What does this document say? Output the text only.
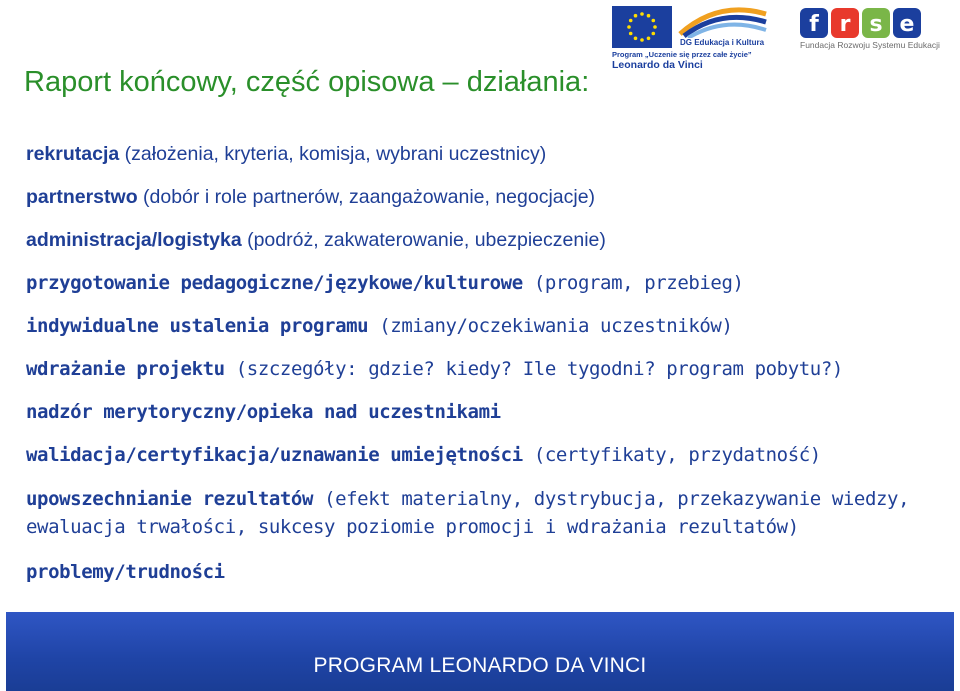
DG Edukacja i Kultura
Program „Uczenie się przez całe życie”
Leonardo da Vinci
f r s e
Fundacja Rozwoju Systemu Edukacji
Raport końcowy, część opisowa – działania:
rekrutacja (założenia, kryteria, komisja, wybrani uczestnicy)
partnerstwo (dobór i role partnerów, zaangażowanie, negocjacje)
administracja/logistyka (podróż, zakwaterowanie, ubezpieczenie)
przygotowanie pedagogiczne/językowe/kulturowe (program, przebieg)
indywidualne ustalenia programu (zmiany/oczekiwania uczestników)
wdrażanie projektu (szczegóły: gdzie? kiedy? Ile tygodni? program pobytu?)
nadzór merytoryczny/opieka nad uczestnikami
walidacja/certyfikacja/uznawanie umiejętności (certyfikaty, przydatność)
upowszechnianie rezultatów (efekt materialny, dystrybucja, przekazywanie wiedzy,
ewaluacja trwałości, sukcesy poziomie promocji i wdrażania rezultatów)
problemy/trudności
PROGRAM LEONARDO DA VINCI
